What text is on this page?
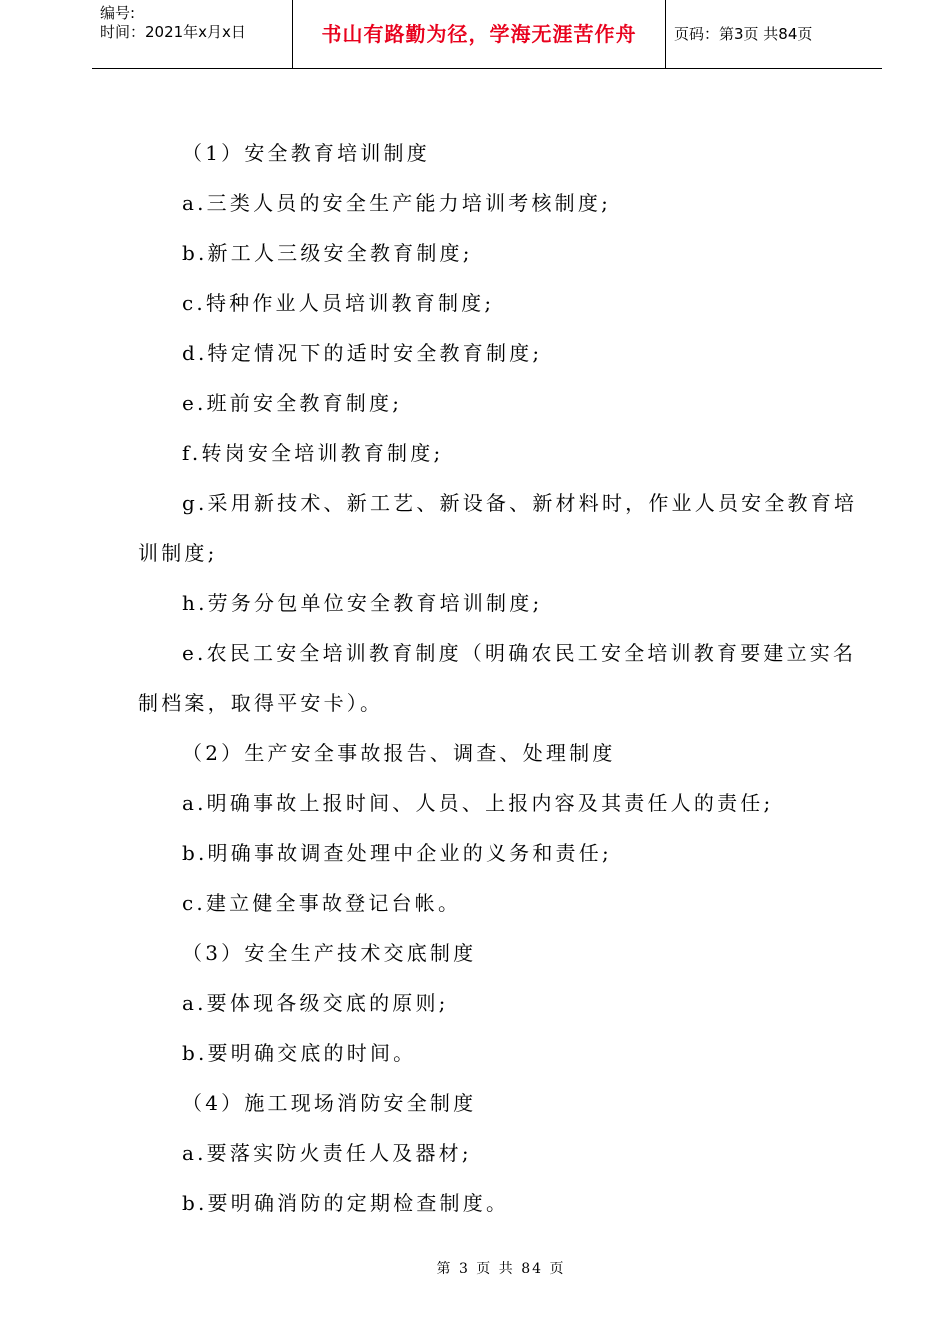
编号:
时间：2021年x月x日	书山有路勤为径，学海无涯苦作舟	页码：第3页 共84页
（1）安全教育培训制度
a.三类人员的安全生产能力培训考核制度;
b.新工人三级安全教育制度;
c.特种作业人员培训教育制度;
d.特定情况下的适时安全教育制度;
e.班前安全教育制度;
f.转岗安全培训教育制度;
g.采用新技术、新工艺、新设备、新材料时，作业人员安全教育培
训制度;
h.劳务分包单位安全教育培训制度;
e.农民工安全培训教育制度（明确农民工安全培训教育要建立实名
制档案，取得平安卡）。
（2）生产安全事故报告、调查、处理制度
a.明确事故上报时间、人员、上报内容及其责任人的责任;
b.明确事故调查处理中企业的义务和责任;
c.建立健全事故登记台帐。
（3）安全生产技术交底制度
a.要体现各级交底的原则;
b.要明确交底的时间。
（4）施工现场消防安全制度
a.要落实防火责任人及器材;
b.要明确消防的定期检查制度。
第 3 页 共 84 页
